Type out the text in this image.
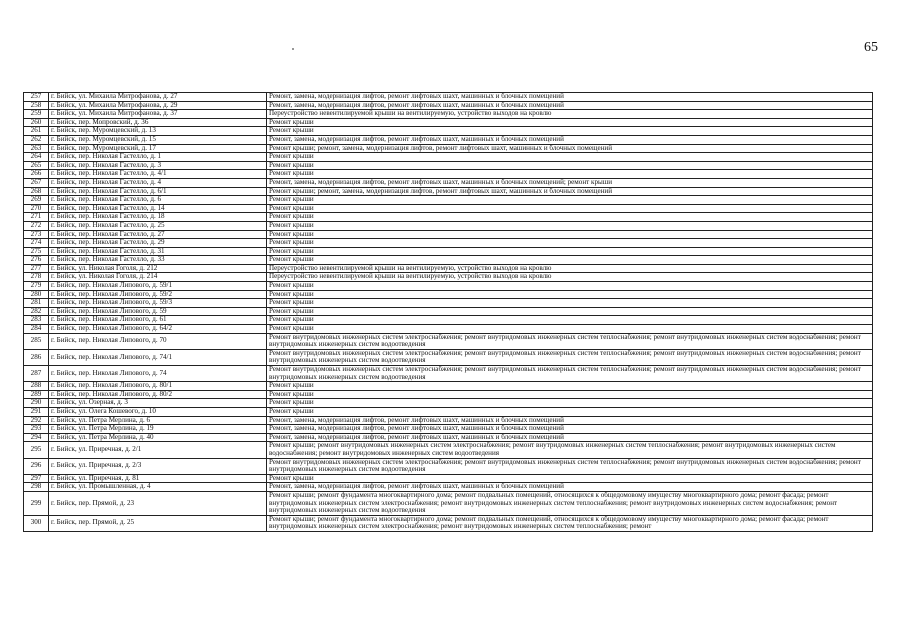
65
257	г. Бийск, ул. Михаила Митрофанова, д. 27	Ремонт, замена, модернизация лифтов, ремонт лифтовых шахт, машинных и блочных помещений
258	г. Бийск, ул. Михаила Митрофанова, д. 29	Ремонт, замена, модернизация лифтов, ремонт лифтовых шахт, машинных и блочных помещений
259	г. Бийск, ул. Михаила Митрофанова, д. 37	Переустройство невентилируемой крыши на вентилируемую, устройство выходов на кровлю
260	г. Бийск, пер. Мопровский, д. 36	Ремонт крыши
261	г. Бийск, пер. Муромцевский, д. 13	Ремонт крыши
262	г. Бийск, пер. Муромцевский, д. 15	Ремонт, замена, модернизация лифтов, ремонт лифтовых шахт, машинных и блочных помещений
263	г. Бийск, пер. Муромцевский, д. 17	Ремонт крыши; ремонт, замена, модернизация лифтов, ремонт лифтовых шахт, машинных и блочных помещений
264	г. Бийск, пер. Николая Гастелло, д. 1	Ремонт крыши
265	г. Бийск, пер. Николая Гастелло, д. 3	Ремонт крыши
266	г. Бийск, пер. Николая Гастелло, д. 4/1	Ремонт крыши
267	г. Бийск, пер. Николая Гастелло, д. 4	Ремонт, замена, модернизация лифтов, ремонт лифтовых шахт, машинных и блочных помещений; ремонт крыши
268	г. Бийск, пер. Николая Гастелло, д. 6/1	Ремонт крыши; ремонт, замена, модернизация лифтов, ремонт лифтовых шахт, машинных и блочных помещений
269	г. Бийск, пер. Николая Гастелло, д. 6	Ремонт крыши
270	г. Бийск, пер. Николая Гастелло, д. 14	Ремонт крыши
271	г. Бийск, пер. Николая Гастелло, д. 18	Ремонт крыши
272	г. Бийск, пер. Николая Гастелло, д. 25	Ремонт крыши
273	г. Бийск, пер. Николая Гастелло, д. 27	Ремонт крыши
274	г. Бийск, пер. Николая Гастелло, д. 29	Ремонт крыши
275	г. Бийск, пер. Николая Гастелло, д. 31	Ремонт крыши
276	г. Бийск, пер. Николая Гастелло, д. 33	Ремонт крыши
277	г. Бийск, ул. Николая Гоголя, д. 212	Переустройство невентилируемой крыши на вентилируемую, устройство выходов на кровлю
278	г. Бийск, ул. Николая Гоголя, д. 214	Переустройство невентилируемой крыши на вентилируемую, устройство выходов на кровлю
279	г. Бийск, пер. Николая Липового, д. 59/1	Ремонт крыши
280	г. Бийск, пер. Николая Липового, д. 59/2	Ремонт крыши
281	г. Бийск, пер. Николая Липового, д. 59/3	Ремонт крыши
282	г. Бийск, пер. Николая Липового, д. 59	Ремонт крыши
283	г. Бийск, пер. Николая Липового, д. 61	Ремонт крыши
284	г. Бийск, пер. Николая Липового, д. 64/2	Ремонт крыши
285	г. Бийск, пер. Николая Липового, д. 70	Ремонт внутридомовых инженерных систем электроснабжения; ремонт внутридомовых инженерных систем теплоснабжения; ремонт внутридомовых инженерных систем водоснабжения; ремонт внутридомовых инженерных систем водоотведения
286	г. Бийск, пер. Николая Липового, д. 74/1	Ремонт внутридомовых инженерных систем электроснабжения; ремонт внутридомовых инженерных систем теплоснабжения; ремонт внутридомовых инженерных систем водоснабжения; ремонт внутридомовых инженерных систем водоотведения
287	г. Бийск, пер. Николая Липового, д. 74	Ремонт внутридомовых инженерных систем электроснабжения; ремонт внутридомовых инженерных систем теплоснабжения; ремонт внутридомовых инженерных систем водоснабжения; ремонт внутридомовых инженерных систем водоотведения
288	г. Бийск, пер. Николая Липового, д. 80/1	Ремонт крыши
289	г. Бийск, пер. Николая Липового, д. 80/2	Ремонт крыши
290	г. Бийск, ул. Озерная, д. 3	Ремонт крыши
291	г. Бийск, ул. Олега Кошевого, д. 10	Ремонт крыши
292	г. Бийск, ул. Петра Мерлина, д. 6	Ремонт, замена, модернизация лифтов, ремонт лифтовых шахт, машинных и блочных помещений
293	г. Бийск, ул. Петра Мерлина, д. 19	Ремонт, замена, модернизация лифтов, ремонт лифтовых шахт, машинных и блочных помещений
294	г. Бийск, ул. Петра Мерлина, д. 40	Ремонт, замена, модернизация лифтов, ремонт лифтовых шахт, машинных и блочных помещений
295	г. Бийск, ул. Приречная, д. 2/1	Ремонт крыши; ремонт внутридомовых инженерных систем электроснабжения; ремонт внутридомовых инженерных систем теплоснабжения; ремонт внутридомовых инженерных систем водоснабжения; ремонт внутридомовых инженерных систем водоотведения
296	г. Бийск, ул. Приречная, д. 2/3	Ремонт внутридомовых инженерных систем электроснабжения; ремонт внутридомовых инженерных систем теплоснабжения; ремонт внутридомовых инженерных систем водоснабжения; ремонт внутридомовых инженерных систем водоотведения
297	г. Бийск, ул. Приречная, д. 81	Ремонт крыши
298	г. Бийск, ул. Промышленная, д. 4	Ремонт, замена, модернизация лифтов, ремонт лифтовых шахт, машинных и блочных помещений
299	г. Бийск, пер. Прямой, д. 23	Ремонт крыши; ремонт фундамента многоквартирного дома; ремонт подвальных помещений, относящихся к общедомовому имуществу многоквартирного дома; ремонт фасада; ремонт внутридомовых инженерных систем электроснабжения; ремонт внутридомовых инженерных систем теплоснабжения; ремонт внутридомовых инженерных систем водоснабжения; ремонт внутридомовых инженерных систем водоотведения
300	г. Бийск, пер. Прямой, д. 25	Ремонт крыши; ремонт фундамента многоквартирного дома; ремонт подвальных помещений, относящихся к общедомовому имуществу многоквартирного дома; ремонт фасада; ремонт внутридомовых инженерных систем электроснабжения; ремонт внутридомовых инженерных систем теплоснабжения; ремонт
